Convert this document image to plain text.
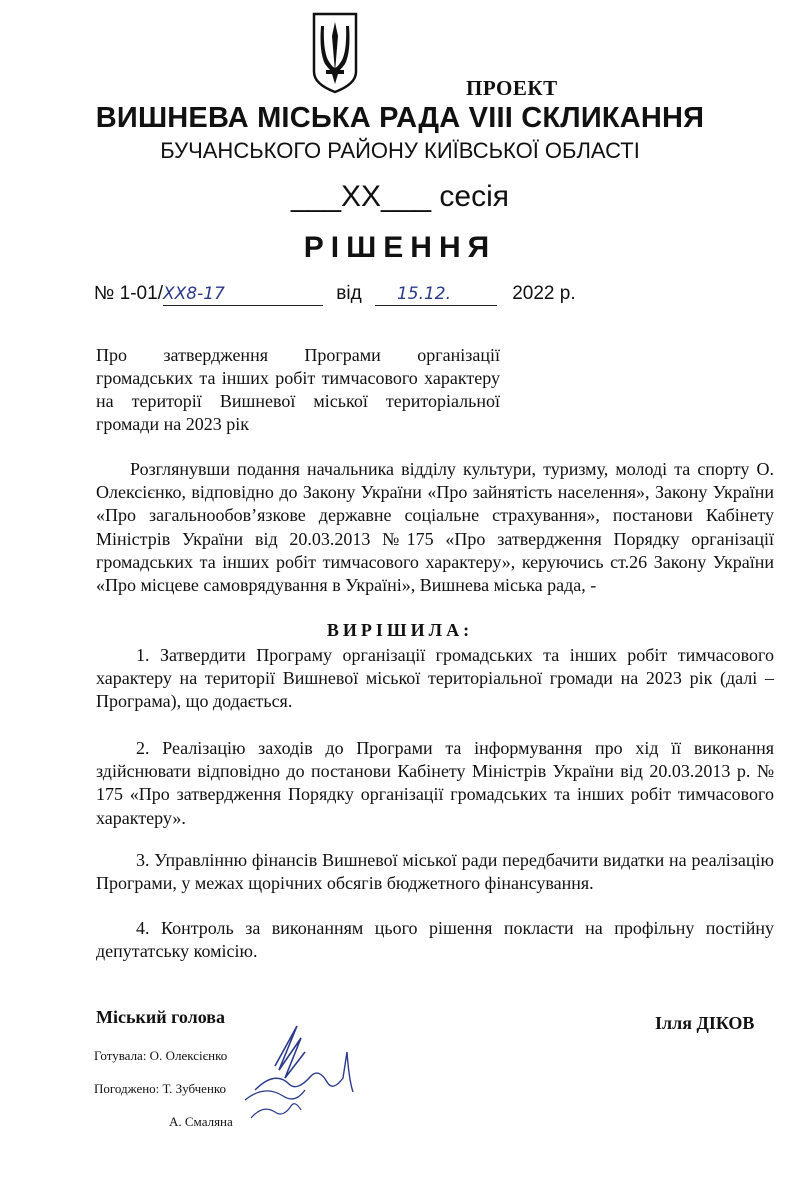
ПРОЕКТ
ВИШНЕВА МІСЬКА РАДА VIII СКЛИКАННЯ
БУЧАНСЬКОГО РАЙОНУ КИЇВСЬКОЇ ОБЛАСТІ
___ХХ___ сесія
РІШЕННЯ
№ 1-01/ХХ8-17	від 15.12.	2022 р.
Про затвердження Програми організації громадських та інших робіт тимчасового характеру на території Вишневої міської територіальної громади на 2023 рік
Розглянувши подання начальника відділу культури, туризму, молоді та спорту О. Олексієнко, відповідно до Закону України «Про зайнятість населення», Закону України «Про загальнообов’язкове державне соціальне страхування», постанови Кабінету Міністрів України від 20.03.2013 №175 «Про затвердження Порядку організації громадських та інших робіт тимчасового характеру», керуючись ст.26 Закону України «Про місцеве самоврядування в Україні», Вишнева міська рада, -
ВИРІШИЛА:
1. Затвердити Програму організації громадських та інших робіт тимчасового характеру на території Вишневої міської територіальної громади на 2023 рік (далі – Програма), що додається.
2. Реалізацію заходів до Програми та інформування про хід її виконання здійснювати відповідно до постанови Кабінету Міністрів України від 20.03.2013 р. № 175 «Про затвердження Порядку організації громадських та інших робіт тимчасового характеру».
3. Управлінню фінансів Вишневої міської ради передбачити видатки на реалізацію Програми, у межах щорічних обсягів бюджетного фінансування.
4. Контроль за виконанням цього рішення покласти на профільну постійну депутатську комісію.
Міський голова	Ілля ДІКОВ
Готувала: О. Олексієнко
Погоджено: Т. Зубченко
А. Смаляна
